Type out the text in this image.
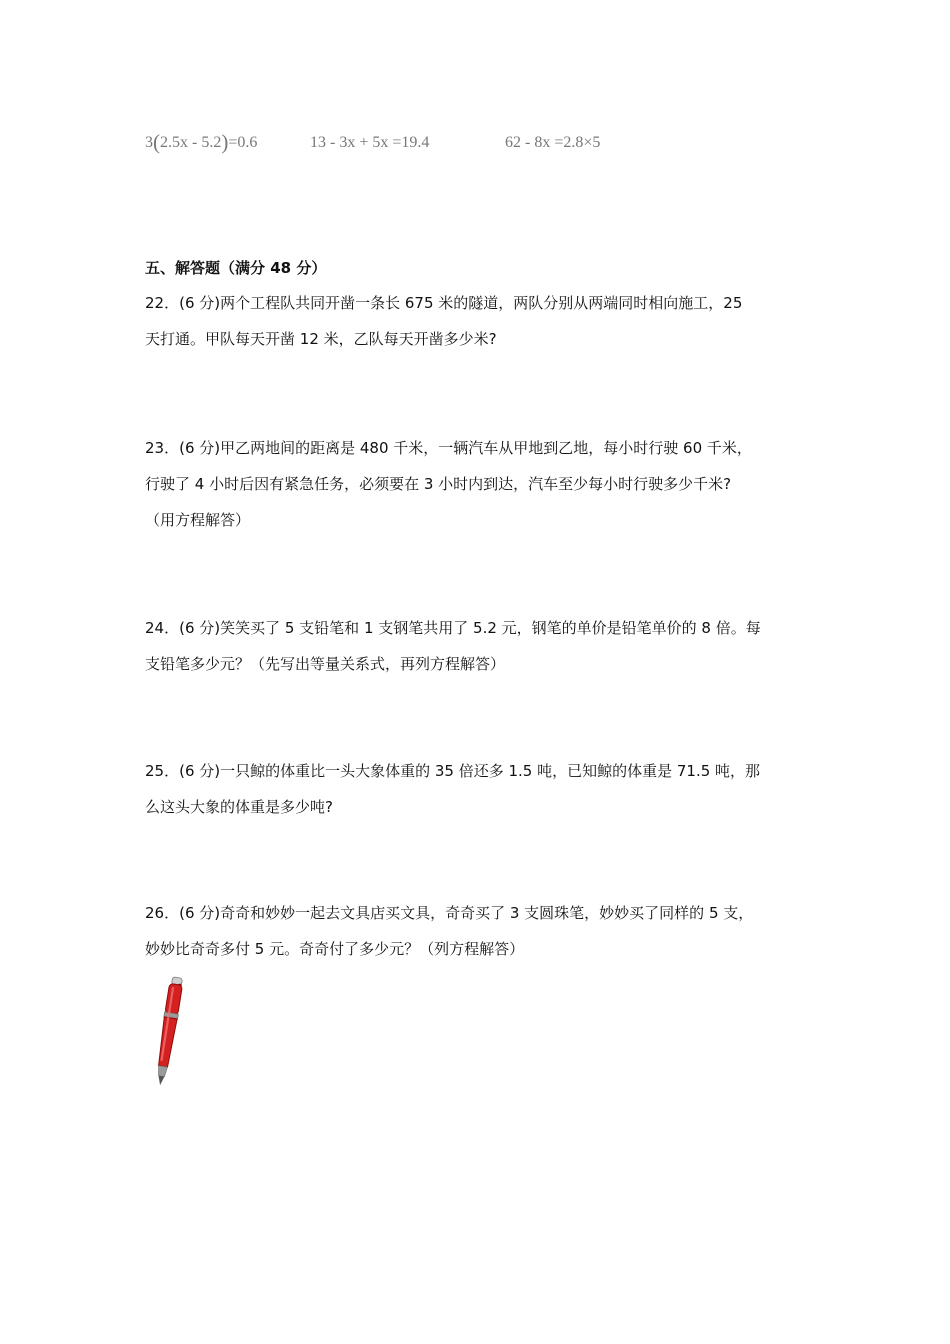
3(2.5x - 5.2)=0.6	13 - 3x + 5x =19.4	62 - 8x =2.8×5
五、解答题（满分 48 分）
22．(6 分)两个工程队共同开凿一条长 675 米的隧道，两队分别从两端同时相向施工，25
天打通。甲队每天开凿 12 米，乙队每天开凿多少米?
23．(6 分)甲乙两地间的距离是 480 千米，一辆汽车从甲地到乙地，每小时行驶 60 千米，
行驶了 4 小时后因有紧急任务，必须要在 3 小时内到达，汽车至少每小时行驶多少千米?
（用方程解答）
24．(6 分)笑笑买了 5 支铅笔和 1 支钢笔共用了 5.2 元，钢笔的单价是铅笔单价的 8 倍。每
支铅笔多少元？（先写出等量关系式，再列方程解答）
25．(6 分)一只鲸的体重比一头大象体重的 35 倍还多 1.5 吨，已知鲸的体重是 71.5 吨，那
么这头大象的体重是多少吨?
26．(6 分)奇奇和妙妙一起去文具店买文具，奇奇买了 3 支圆珠笔，妙妙买了同样的 5 支，
妙妙比奇奇多付 5 元。奇奇付了多少元？（列方程解答）
